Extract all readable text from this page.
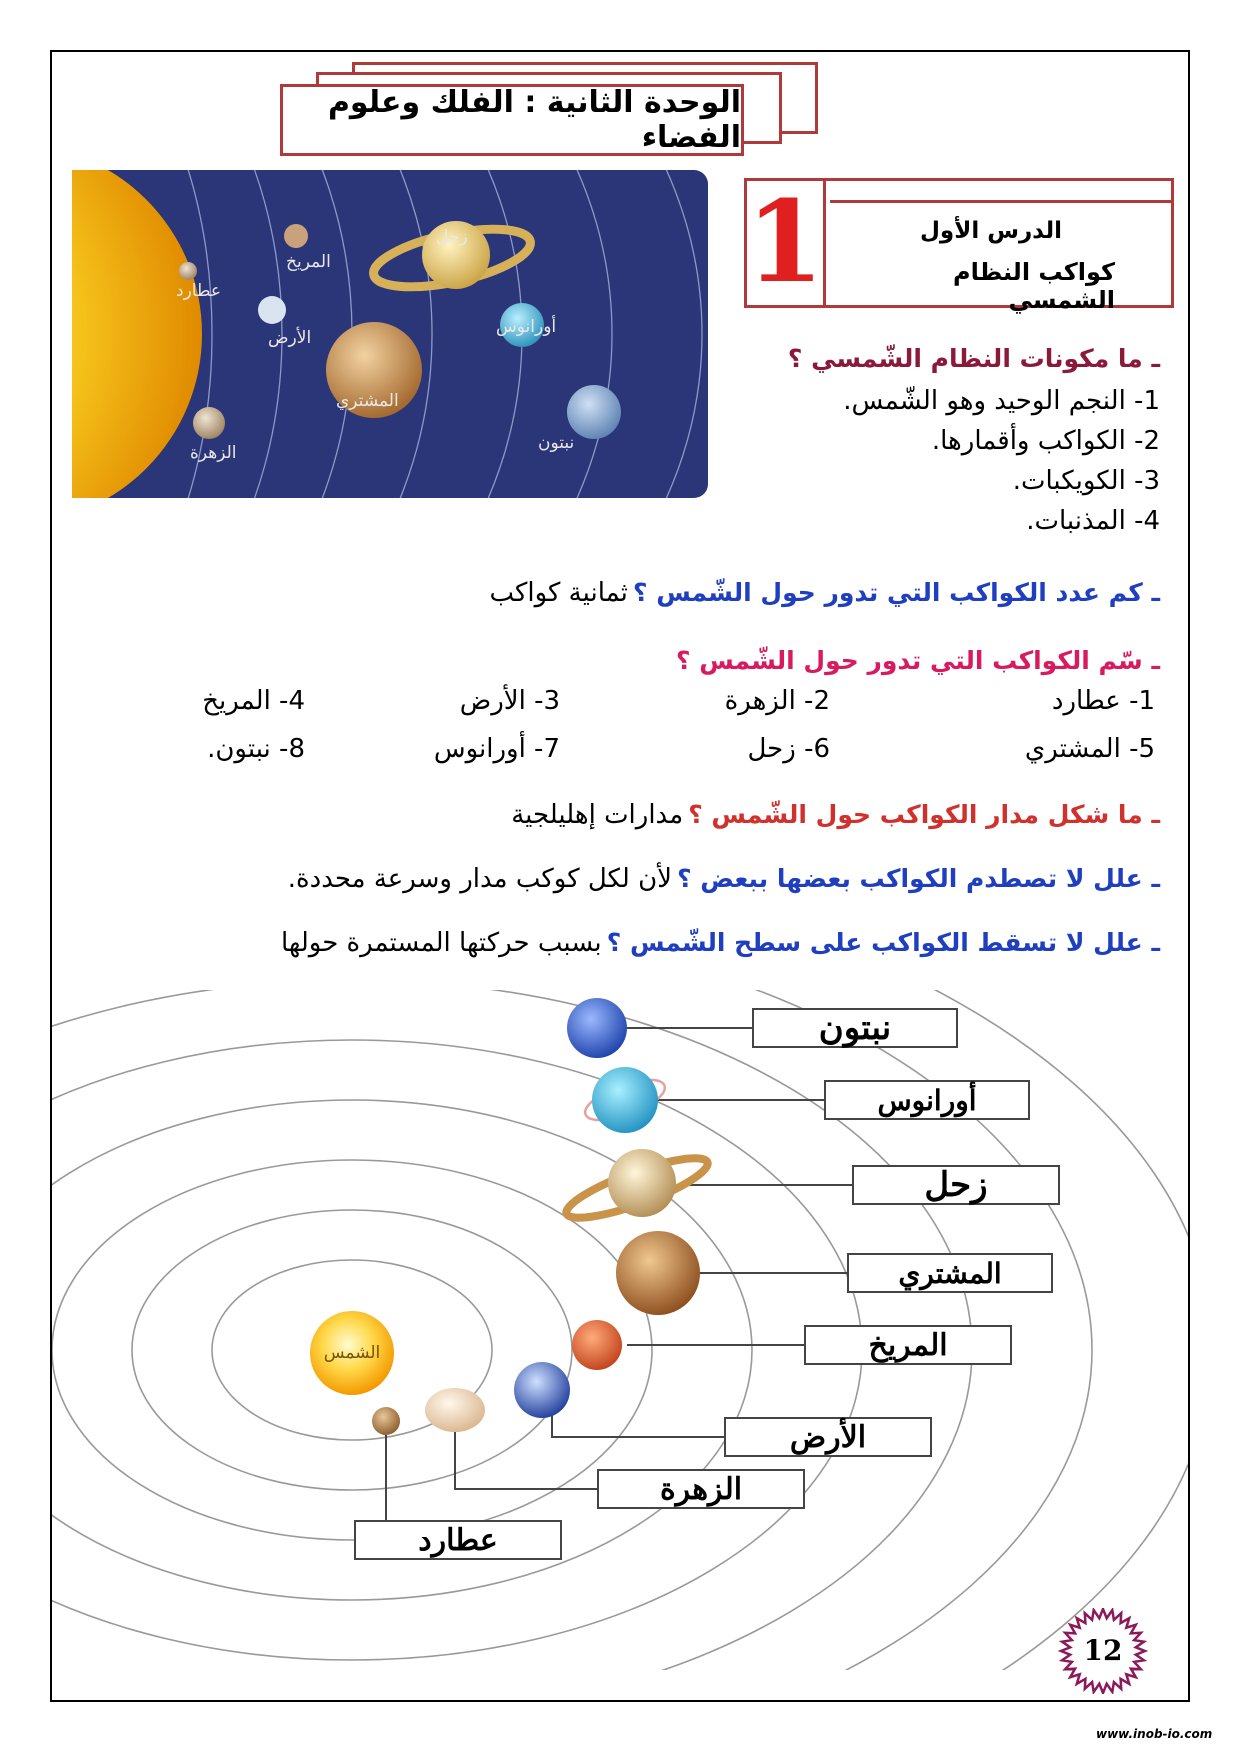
الوحدة الثانية : الفلك وعلوم الفضاء
عطارد
المريخ
زحل
الأرض
أورانوس
المشتري
الزهرة	نبتون
1	الدرس الأول
كواكب النظام الشمسي
ـ ما مكونات النظام الشّمسي ؟
1- النجم الوحيد وهو الشّمس.
2- الكواكب وأقمارها.
3- الكويكبات.
4- المذنبات.
ـ كم عدد الكواكب التي تدور حول الشّمس ؟ ثمانية كواكب
ـ سّم الكواكب التي تدور حول الشّمس ؟
1- عطارد
2- الزهرة
3- الأرض
4- المريخ
5- المشتري
6- زحل
7- أورانوس
8- نبتون.
ـ ما شكل مدار الكواكب حول الشّمس ؟ مدارات إهليلجية
ـ علل لا تصطدم الكواكب بعضها ببعض ؟ لأن لكل كوكب مدار وسرعة محددة.
ـ علل لا تسقط الكواكب على سطح الشّمس ؟ بسبب حركتها المستمرة حولها
الشمس
نبتون
أورانوس
زحل
المشتري
المريخ
الأرض
الزهرة
عطارد
12
www.inob-io.com
